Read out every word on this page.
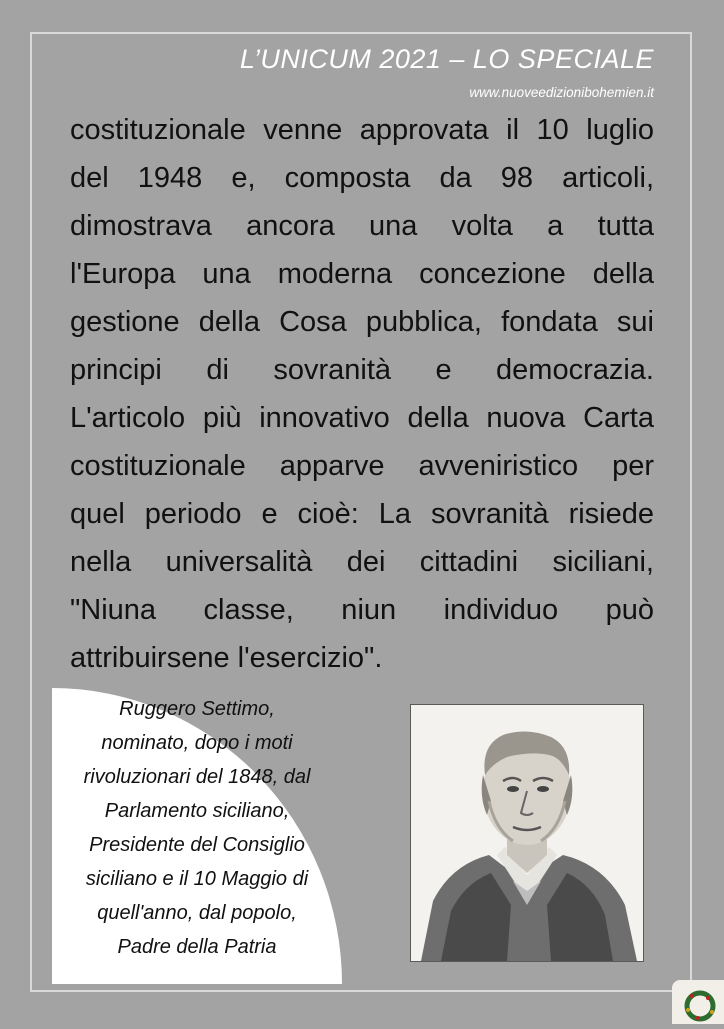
L’UNICUM 2021 – LO SPECIALE
www.nuoveedizionibohemien.it
costituzionale venne approvata il 10 luglio
del 1948 e, composta da 98 articoli,
dimostrava ancora una volta a tutta
l'Europa una moderna concezione della
gestione della Cosa pubblica, fondata sui
principi di sovranità e democrazia.
L'articolo più innovativo della nuova Carta
costituzionale apparve avveniristico per
quel periodo e cioè: La sovranità risiede
nella universalità dei cittadini siciliani,
"Niuna classe, niun individuo può
attribuirsene l'esercizio".
Ruggero Settimo,
nominato, dopo i moti
rivoluzionari del 1848, dal
Parlamento siciliano,
Presidente del Consiglio
siciliano e il 10 Maggio di
quell'anno, dal popolo,
Padre della Patria
